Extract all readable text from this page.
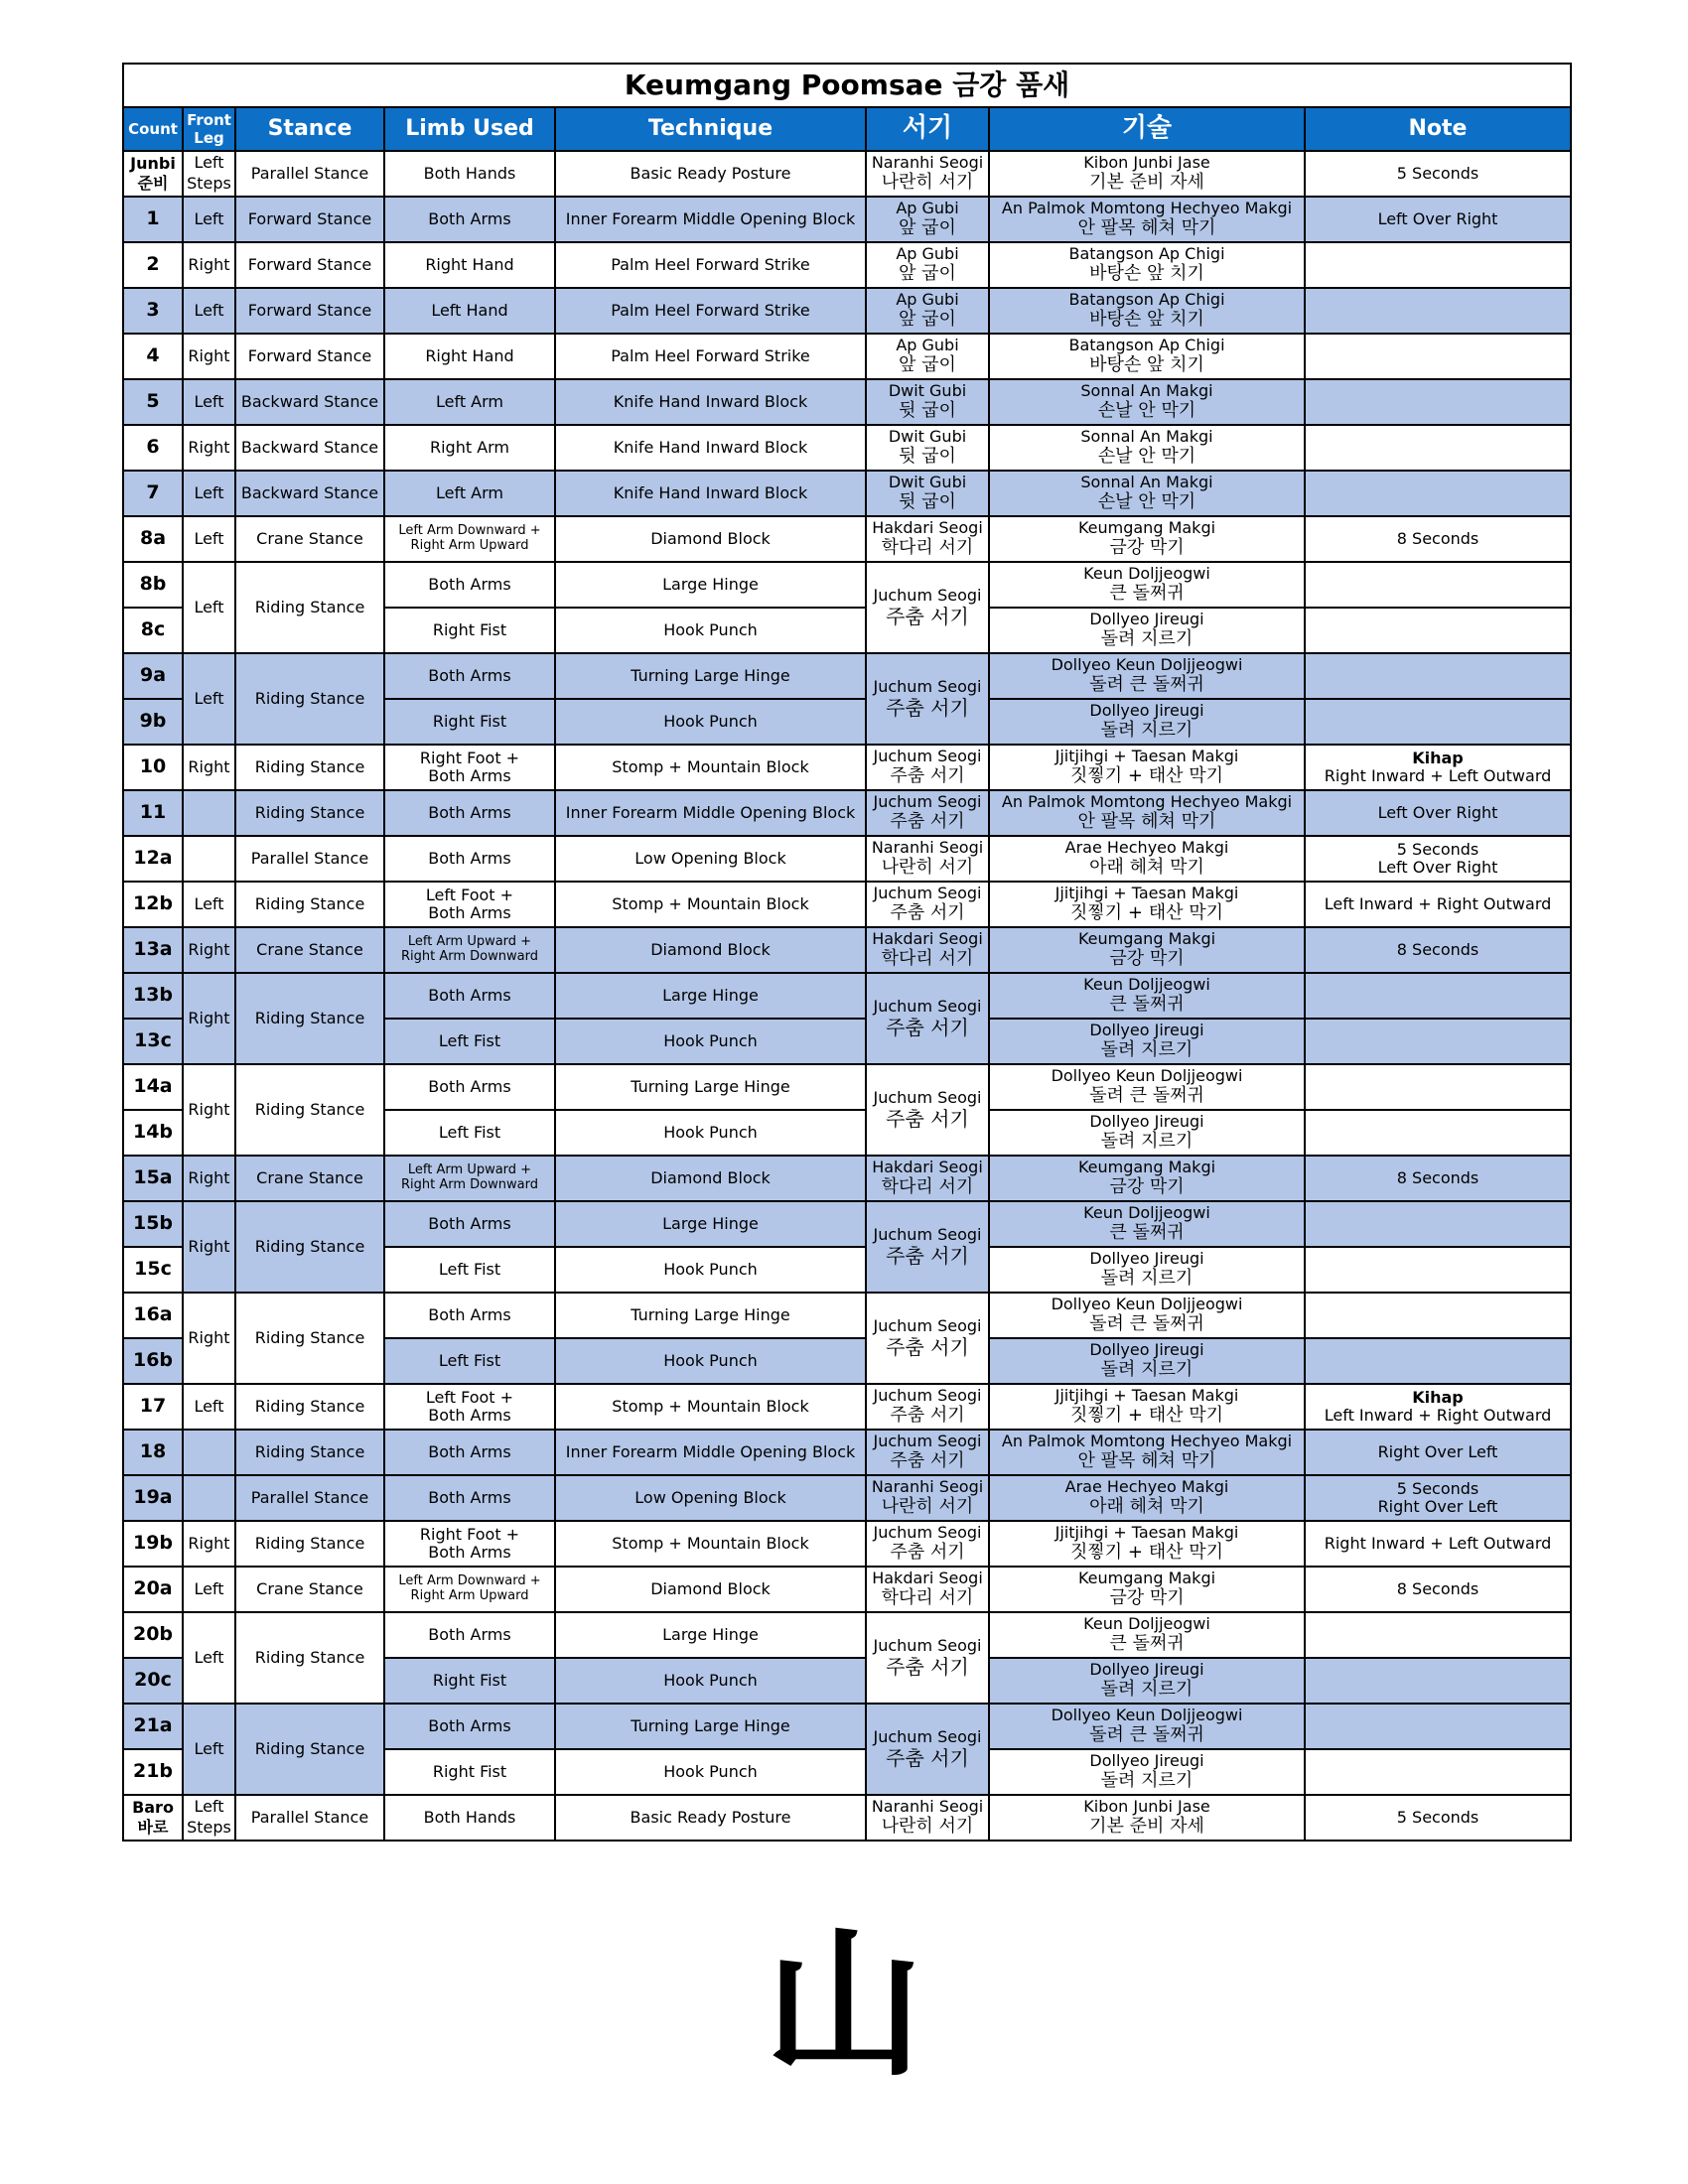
Keumgang Poomsae 금강 품새							
Count	Front Leg	Stance	Limb Used	Technique	서기	기술	Note

Junbi
준비	Left
Steps	Parallel Stance	Both Hands	Basic Ready Posture	Naranhi Seogi
나란히 서기	Kibon Junbi Jase
기본 준비 자세	5 Seconds

1	Left	Forward Stance	Both Arms	Inner Forearm Middle Opening Block	Ap Gubi
앞 굽이	An Palmok Momtong Hechyeo Makgi
안 팔목 헤쳐 막기	Left Over Right

2	Right	Forward Stance	Right Hand	Palm Heel Forward Strike	Ap Gubi
앞 굽이	Batangson Ap Chigi
바탕손 앞 치기	

3	Left	Forward Stance	Left Hand	Palm Heel Forward Strike	Ap Gubi
앞 굽이	Batangson Ap Chigi
바탕손 앞 치기	

4	Right	Forward Stance	Right Hand	Palm Heel Forward Strike	Ap Gubi
앞 굽이	Batangson Ap Chigi
바탕손 앞 치기	

5	Left	Backward Stance	Left Arm	Knife Hand Inward Block	Dwit Gubi
뒷 굽이	Sonnal An Makgi
손날 안 막기	

6	Right	Backward Stance	Right Arm	Knife Hand Inward Block	Dwit Gubi
뒷 굽이	Sonnal An Makgi
손날 안 막기	

7	Left	Backward Stance	Left Arm	Knife Hand Inward Block	Dwit Gubi
뒷 굽이	Sonnal An Makgi
손날 안 막기	

8a	Left	Crane Stance	Left Arm Downward +
Right Arm Upward	Diamond Block	Hakdari Seogi
학다리 서기	Keumgang Makgi
금강 막기	8 Seconds

8b	Left	Riding Stance	Both Arms	Large Hinge	Juchum Seogi
주춤 서기	Keun Doljjeogwi
큰 돌쩌귀	

8c			Right Fist	Hook Punch		Dollyeo Jireugi
돌려 지르기	

9a	Left	Riding Stance	Both Arms	Turning Large Hinge	Juchum Seogi
주춤 서기	Dollyeo Keun Doljjeogwi
돌려 큰 돌쩌귀	

9b			Right Fist	Hook Punch		Dollyeo Jireugi
돌려 지르기	

10	Right	Riding Stance	Right Foot +
Both Arms	Stomp + Mountain Block	Juchum Seogi
주춤 서기	Jjitjihgi + Taesan Makgi
짓찧기 + 태산 막기	Kihap
Right Inward + Left Outward

11		Riding Stance	Both Arms	Inner Forearm Middle Opening Block	Juchum Seogi
주춤 서기	An Palmok Momtong Hechyeo Makgi
안 팔목 헤쳐 막기	Left Over Right

12a		Parallel Stance	Both Arms	Low Opening Block	Naranhi Seogi
나란히 서기	Arae Hechyeo Makgi
아래 헤쳐 막기	5 Seconds
Left Over Right

12b	Left	Riding Stance	Left Foot +
Both Arms	Stomp + Mountain Block	Juchum Seogi
주춤 서기	Jjitjihgi + Taesan Makgi
짓찧기 + 태산 막기	Left Inward + Right Outward

13a	Right	Crane Stance	Left Arm Upward +
Right Arm Downward	Diamond Block	Hakdari Seogi
학다리 서기	Keumgang Makgi
금강 막기	8 Seconds

13b	Right	Riding Stance	Both Arms	Large Hinge	Juchum Seogi
주춤 서기	Keun Doljjeogwi
큰 돌쩌귀	

13c			Left Fist	Hook Punch		Dollyeo Jireugi
돌려 지르기	

14a	Right	Riding Stance	Both Arms	Turning Large Hinge	Juchum Seogi
주춤 서기	Dollyeo Keun Doljjeogwi
돌려 큰 돌쩌귀	

14b			Left Fist	Hook Punch		Dollyeo Jireugi
돌려 지르기	

15a	Right	Crane Stance	Left Arm Upward +
Right Arm Downward	Diamond Block	Hakdari Seogi
학다리 서기	Keumgang Makgi
금강 막기	8 Seconds

15b	Right	Riding Stance	Both Arms	Large Hinge	Juchum Seogi
주춤 서기	Keun Doljjeogwi
큰 돌쩌귀	

15c			Left Fist	Hook Punch		Dollyeo Jireugi
돌려 지르기	

16a	Right	Riding Stance	Both Arms	Turning Large Hinge	Juchum Seogi
주춤 서기	Dollyeo Keun Doljjeogwi
돌려 큰 돌쩌귀	

16b			Left Fist	Hook Punch		Dollyeo Jireugi
돌려 지르기	

17	Left	Riding Stance	Left Foot +
Both Arms	Stomp + Mountain Block	Juchum Seogi
주춤 서기	Jjitjihgi + Taesan Makgi
짓찧기 + 태산 막기	Kihap
Left Inward + Right Outward

18		Riding Stance	Both Arms	Inner Forearm Middle Opening Block	Juchum Seogi
주춤 서기	An Palmok Momtong Hechyeo Makgi
안 팔목 헤쳐 막기	Right Over Left

19a		Parallel Stance	Both Arms	Low Opening Block	Naranhi Seogi
나란히 서기	Arae Hechyeo Makgi
아래 헤쳐 막기	5 Seconds
Right Over Left

19b	Right	Riding Stance	Right Foot +
Both Arms	Stomp + Mountain Block	Juchum Seogi
주춤 서기	Jjitjihgi + Taesan Makgi
짓찧기 + 태산 막기	Right Inward + Left Outward

20a	Left	Crane Stance	Left Arm Downward +
Right Arm Upward	Diamond Block	Hakdari Seogi
학다리 서기	Keumgang Makgi
금강 막기	8 Seconds

20b	Left	Riding Stance	Both Arms	Large Hinge	Juchum Seogi
주춤 서기	Keun Doljjeogwi
큰 돌쩌귀	

20c			Right Fist	Hook Punch		Dollyeo Jireugi
돌려 지르기	

21a	Left	Riding Stance	Both Arms	Turning Large Hinge	Juchum Seogi
주춤 서기	Dollyeo Keun Doljjeogwi
돌려 큰 돌쩌귀	

21b			Right Fist	Hook Punch		Dollyeo Jireugi
돌려 지르기	

Baro
바로	Left
Steps	Parallel Stance	Both Hands	Basic Ready Posture	Naranhi Seogi
나란히 서기	Kibon Junbi Jase
기본 준비 자세	5 Seconds
山
